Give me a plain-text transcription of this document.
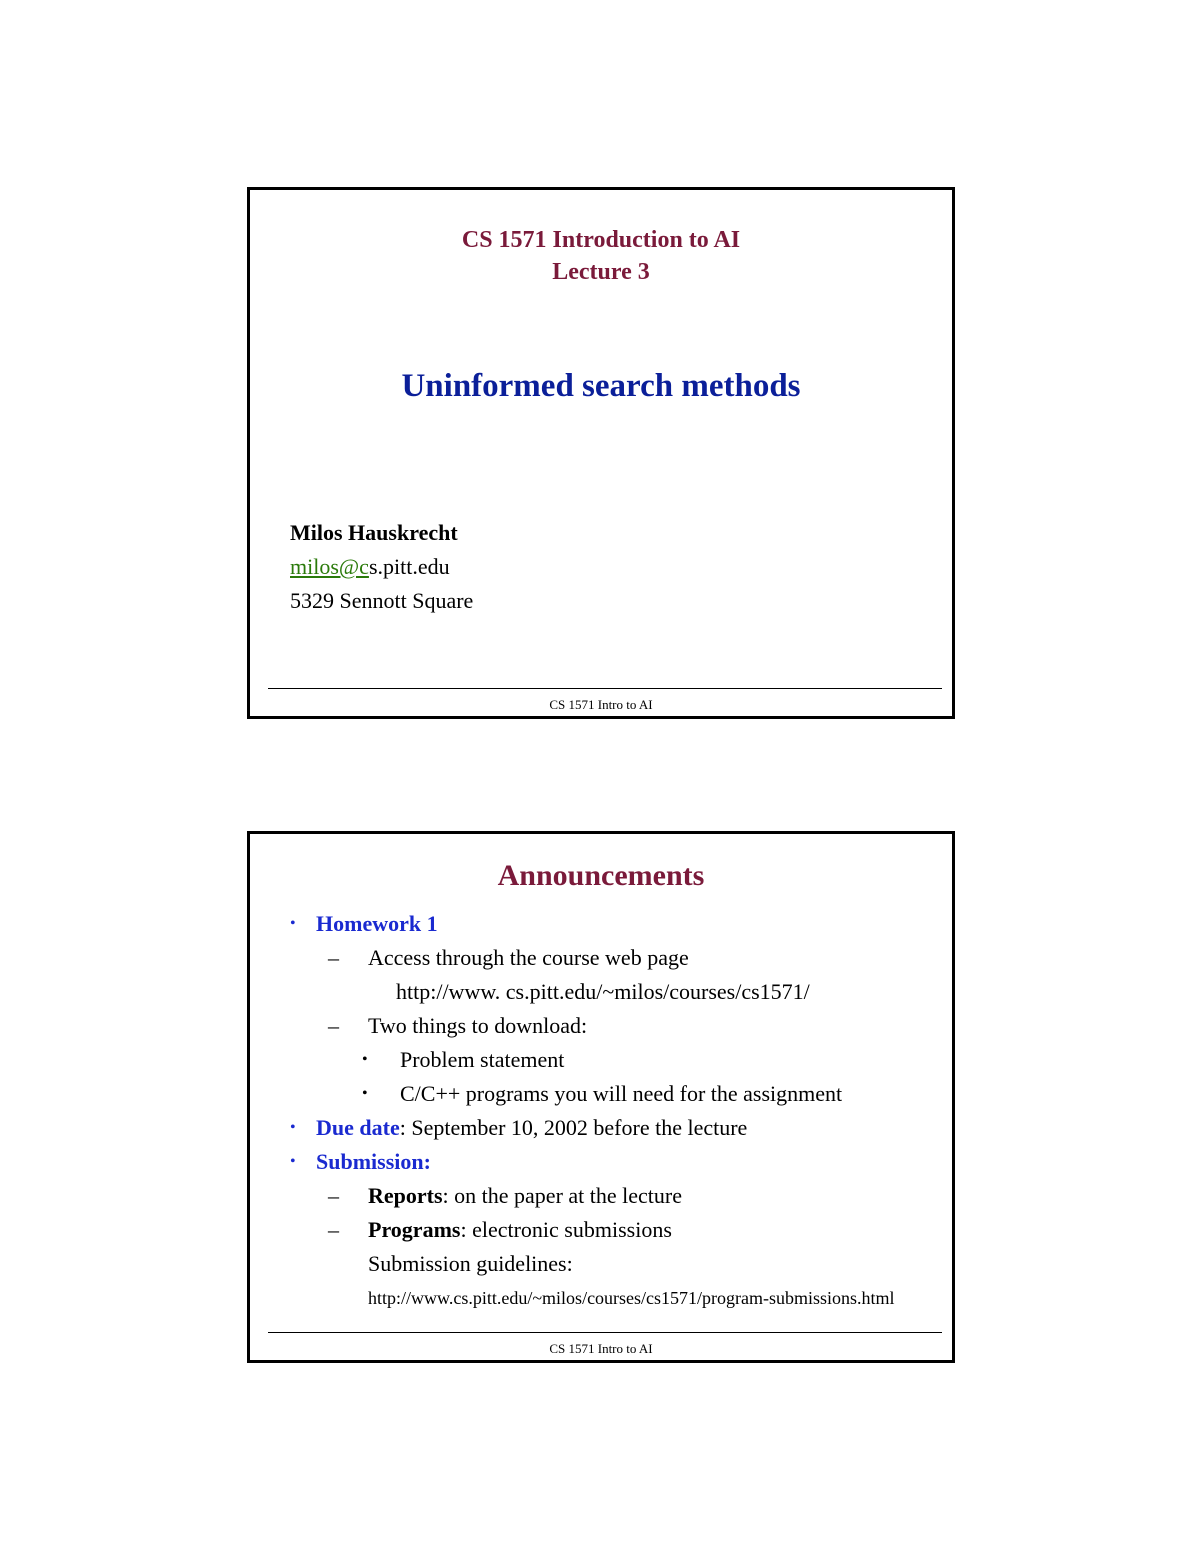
CS 1571 Introduction to AI
Lecture 3
Uninformed search methods
Milos Hauskrecht
milos@cs.pitt.edu
5329 Sennott Square
CS 1571 Intro to AI
Announcements
• Homework 1
– Access through the course web page
http://www. cs.pitt.edu/~milos/courses/cs1571/
– Two things to download:
• Problem statement
• C/C++ programs you will need for the assignment
• Due date: September 10, 2002 before the lecture
• Submission:
– Reports: on the paper at the lecture
– Programs: electronic submissions
Submission guidelines:
http://www.cs.pitt.edu/~milos/courses/cs1571/program-submissions.html
CS 1571 Intro to AI
